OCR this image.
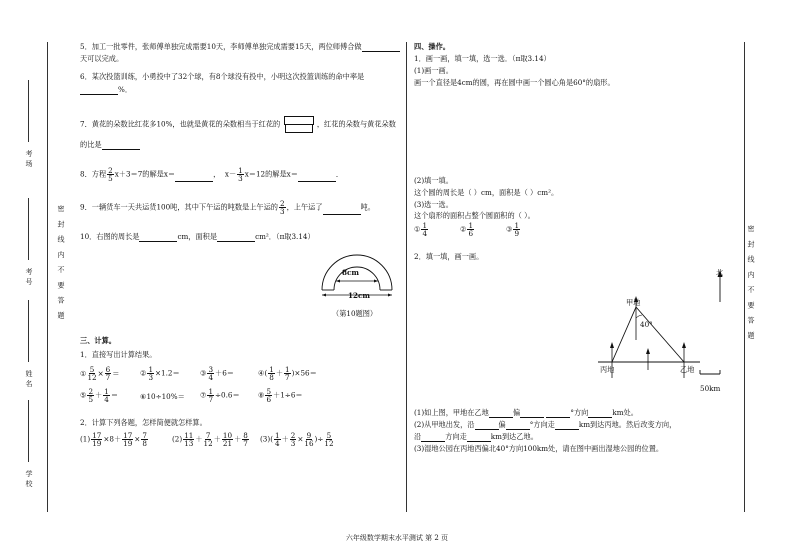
考场
考号
姓名
学校
密 封 线 内 不 要 答 题	密 封 线 内 不 要 答 题
5．加工一批零件，张师傅单独完成需要10天，李师傅单独完成需要15天，两位师傅合做
天可以完成。
6．某次投篮训练，小勇投中了32个球，有8个球没有投中，小明这次投篮训练的命中率是
%．
7．黄花的朵数比红花多10%，也就是黄花的朵数相当于红花的

	，红花的朵数与黄花朵数
的比是
8．方程 $\frac{2}{5} x+3=7$的解是x＝	， $x- \frac{1}{3} x=12$的解是x＝	．
9．一辆货车一天共运货100吨，其中下午运的吨数是上午运的 $\frac{2}{3}$ ，上午运了	吨。
10．右图的周长是	cm，面积是	cm²．（π取3.14）
8cm
12cm
（第10题图）
三、计算。
1．直接写出计算结果。
① $\frac{5}{12} \times \frac{6}{7}$ ＝	② $\frac{1}{3} \times 1.2=$	③ $\frac{3}{4} +6=$	④( $\frac{1}{8} + \frac{1}{7} )\times 56=$
⑤ $\frac{2}{5} + \frac{1}{4}$ ＝	⑥10÷10%＝ ⑦ $\frac{1}{7} \div 0.6=$	⑧ $\frac{5}{6} +1\div 6=$
2．计算下列各题，怎样简便就怎样算。
$(1) \frac{17}{19} \times 8+ \frac{17}{19} \times \frac{7}{8}$	$(2) \frac{11}{13} + \frac{7}{12} + \frac{10}{21} + \frac{8}{7} (3)( \frac{1}{4} + \frac{2}{3} \times \frac{9}{16}$ )÷ $\frac{5}{12}$
四、操作。
1．画一画，填一填，选一选．（π取3.14）
(1)画一画。
画一个直径是4cm的圆，再在圆中画一个圆心角是60°的扇形。
(2)填一填。
这个圆的周长是（ ）cm，面积是（ ）cm²。
(3)选一选。
这个扇形的面积占整个圆面积的（ ）。
① $\frac{1}{4}$	② $\frac{1}{6}$	③ $\frac{1}{9}$
2．填一填，画一画。
北
甲地
40°
丙地	乙地
50km
(1)如上图，甲地在乙地	偏	°方向	km处。
(2)从甲地出发，沿	偏	°方向走	km到达丙地。然后改变方向，
沿	方向走	km到达乙地。
(3)湿地公园在丙地西偏北40°方向100km处，请在图中画出湿地公园的位置。
六年级数学期末水平测试 第 2 页
